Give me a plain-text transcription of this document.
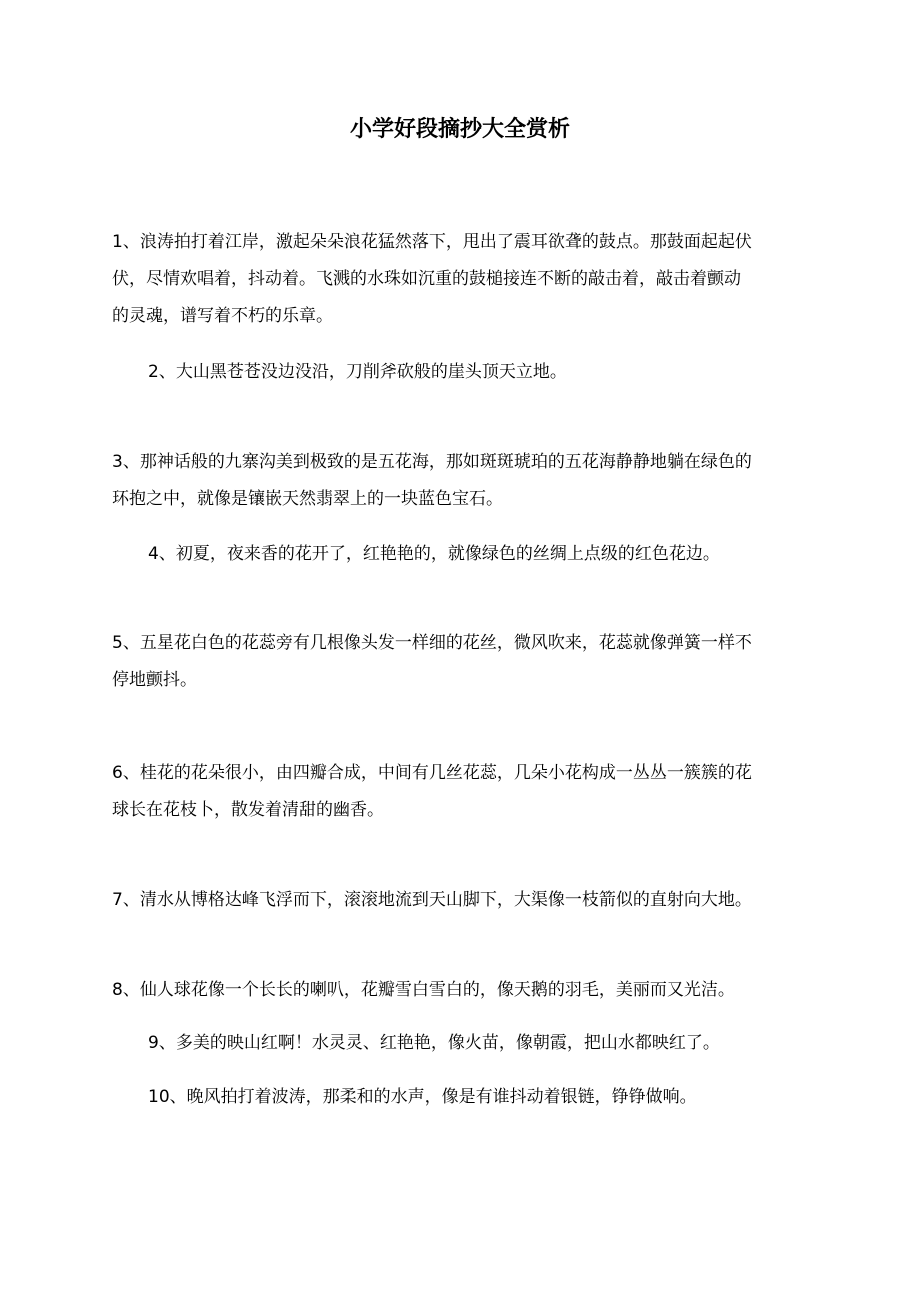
小学好段摘抄大全赏析

1、浪涛拍打着江岸，激起朵朵浪花猛然落下，甩出了震耳欲聋的鼓点。那鼓面起起伏
伏，尽情欢唱着，抖动着。飞溅的水珠如沉重的鼓槌接连不断的敲击着，敲击着颤动
的灵魂，谱写着不朽的乐章。

2、大山黑苍苍没边没沿，刀削斧砍般的崖头顶天立地。

3、那神话般的九寨沟美到极致的是五花海，那如斑斑琥珀的五花海静静地躺在绿色的
环抱之中，就像是镶嵌天然翡翠上的一块蓝色宝石。

4、初夏，夜来香的花开了，红艳艳的，就像绿色的丝绸上点级的红色花边。

5、五星花白色的花蕊旁有几根像头发一样细的花丝，微风吹来，花蕊就像弹簧一样不
停地颤抖。

6、桂花的花朵很小，由四瓣合成，中间有几丝花蕊，几朵小花构成一丛丛一簇簇的花
球长在花枝卜，散发着清甜的幽香。

7、清水从博格达峰飞浮而下，滚滚地流到天山脚下，大渠像一枝箭似的直射向大地。

8、仙人球花像一个长长的喇叭，花瓣雪白雪白的，像天鹅的羽毛，美丽而又光洁。

9、多美的映山红啊！水灵灵、红艳艳，像火苗，像朝霞，把山水都映红了。

10、晚风拍打着波涛，那柔和的水声，像是有谁抖动着银链，铮铮做响。
